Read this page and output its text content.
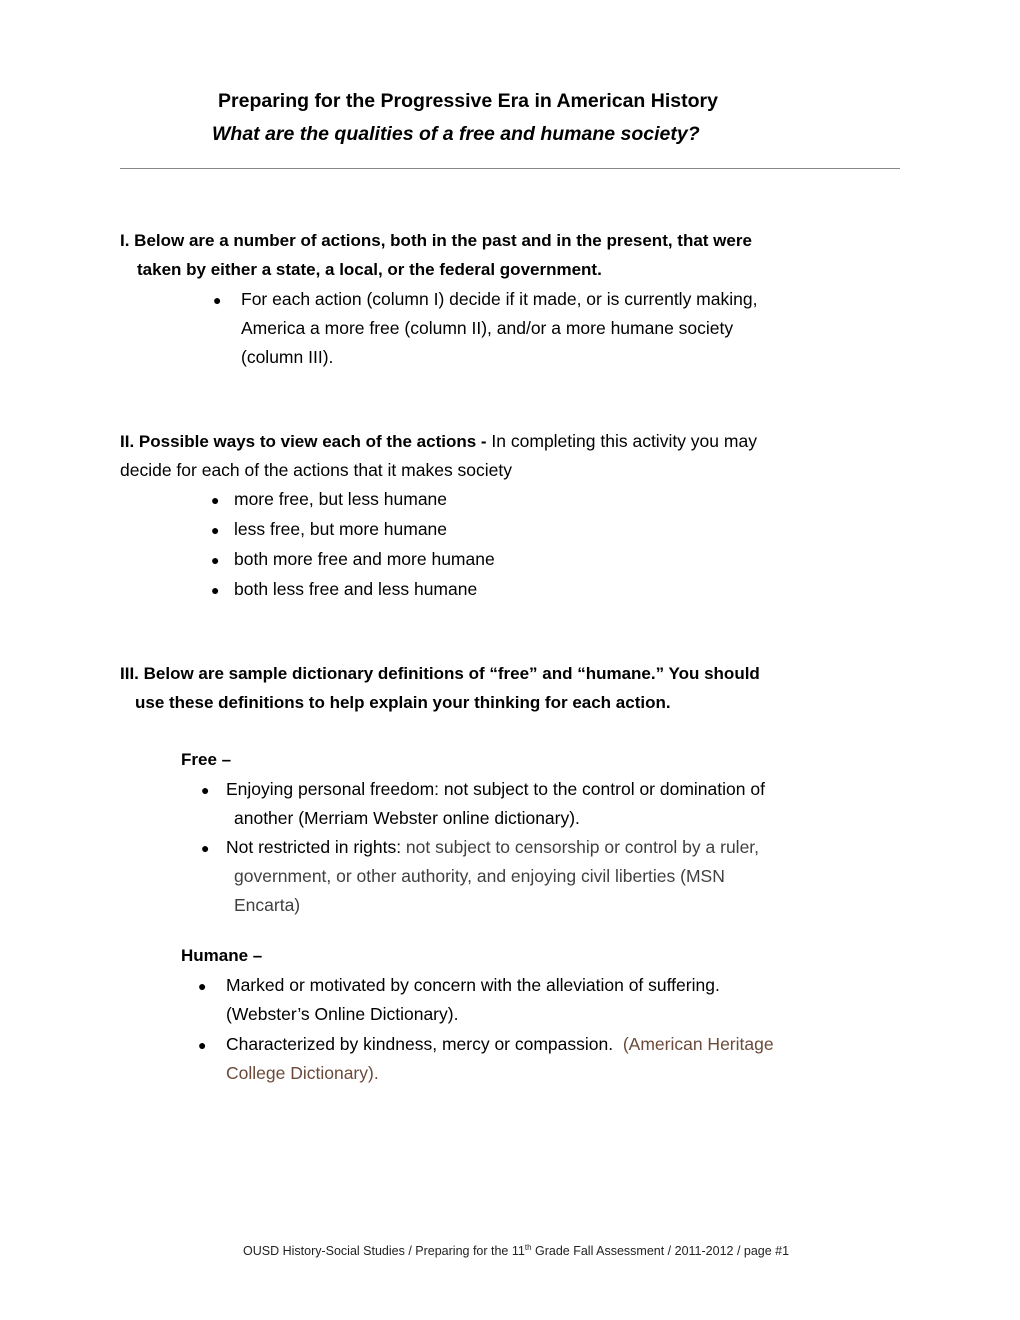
Preparing for the Progressive Era in American History
What are the qualities of a free and humane society?
I. Below are a number of actions, both in the past and in the present, that were
taken by either a state, a local, or the federal government.
● For each action (column I) decide if it made, or is currently making,
America a more free (column II), and/or a more humane society
(column III).
II. Possible ways to view each of the actions - In completing this activity you may
decide for each of the actions that it makes society
● more free, but less humane
● less free, but more humane
● both more free and more humane
● both less free and less humane
III. Below are sample dictionary definitions of “free” and “humane.” You should
use these definitions to help explain your thinking for each action.
Free –
● Enjoying personal freedom: not subject to the control or domination of
another (Merriam Webster online dictionary).
● Not restricted in rights: not subject to censorship or control by a ruler,
government, or other authority, and enjoying civil liberties (MSN
Encarta)
Humane –
● Marked or motivated by concern with the alleviation of suffering.
(Webster’s Online Dictionary).
● Characterized by kindness, mercy or compassion.  (American Heritage
College Dictionary).
OUSD History-Social Studies / Preparing for the 11th Grade Fall Assessment / 2011-2012 / page #1
